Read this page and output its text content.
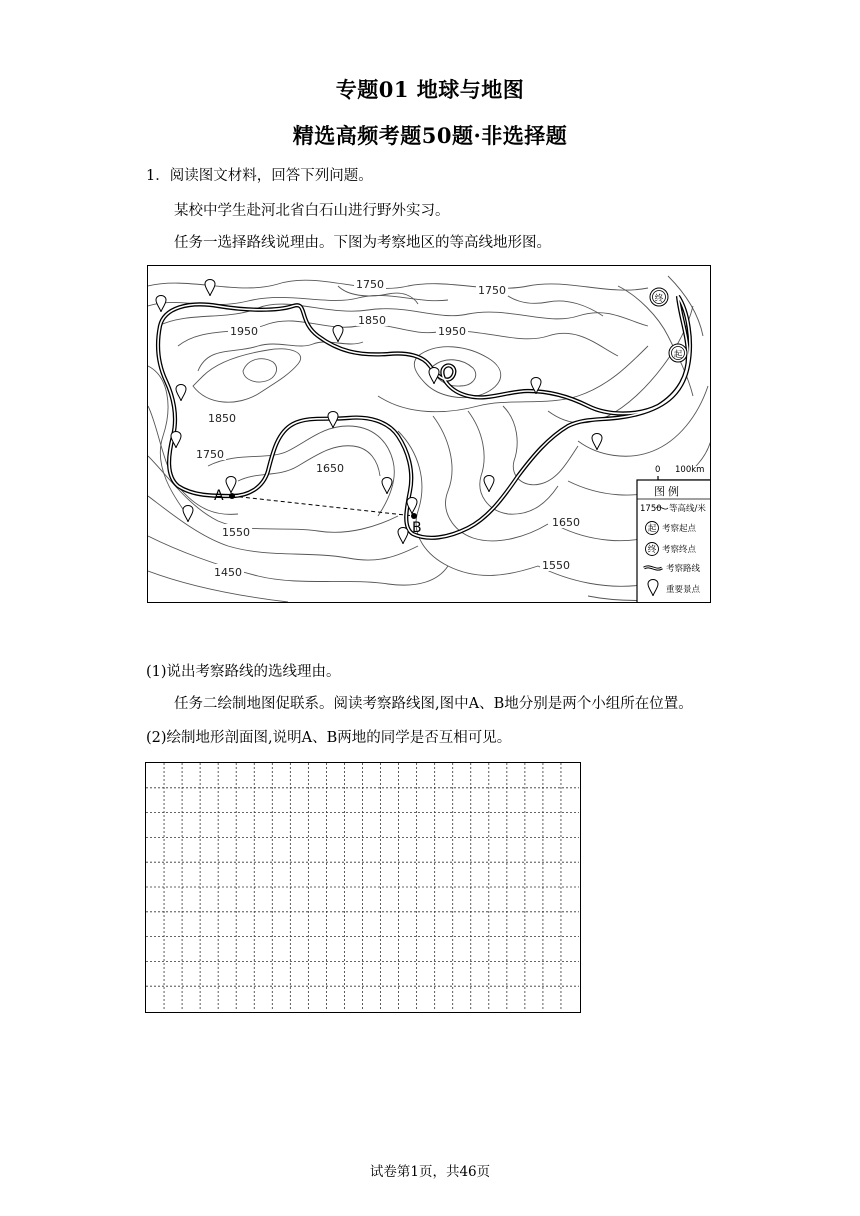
专题01 地球与地图
精选高频考题50题·非选择题
1．阅读图文材料，回答下列问题。
某校中学生赴河北省白石山进行野外实习。
任务一选择路线说理由。下图为考察地区的等高线地形图。
A
B
终
起
1750	1750
1850
1950	1950
1850
1750
1650
1550
1450
1650
1550
0 100km
图例
1750 等高线/米
起 考察起点
终 考察终点
考察路线
重要景点
(1)说出考察路线的选线理由。
任务二绘制地图促联系。阅读考察路线图,图中A、B地分别是两个小组所在位置。
(2)绘制地形剖面图,说明A、B两地的同学是否互相可见。
试卷第1页，共46页
